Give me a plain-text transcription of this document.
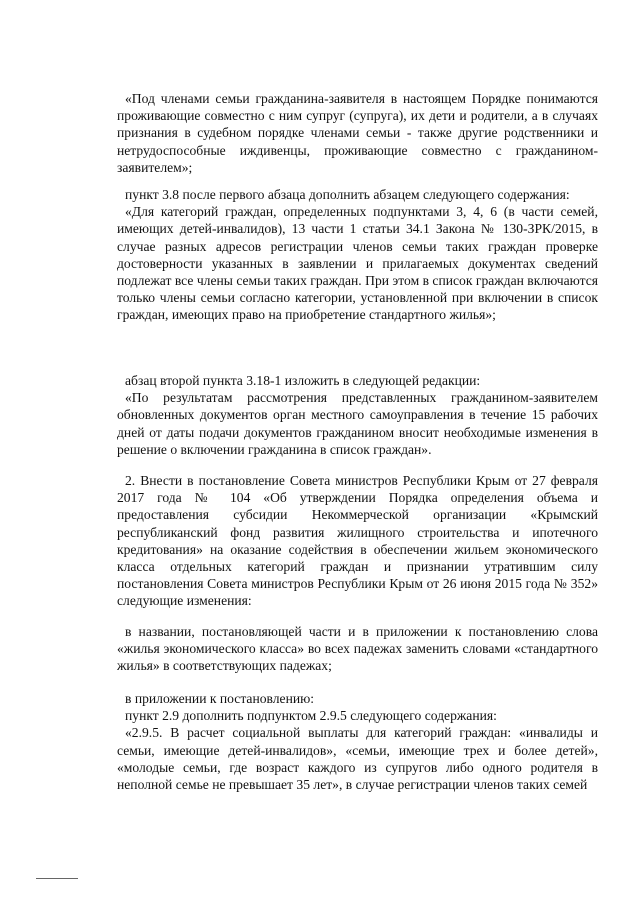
«Под членами семьи гражданина-заявителя в настоящем Порядке понимаются проживающие совместно с ним супруг (супруга), их дети и родители, а в случаях признания в судебном порядке членами семьи - также другие родственники и нетрудоспособные иждивенцы, проживающие совместно с гражданином-заявителем»;

пункт 3.8 после первого абзаца дополнить абзацем следующего содержания:

«Для категорий граждан, определенных подпунктами 3, 4, 6 (в части семей, имеющих детей-инвалидов), 13 части 1 статьи 34.1 Закона № 130-ЗРК/2015, в случае разных адресов регистрации членов семьи таких граждан проверке достоверности указанных в заявлении и прилагаемых документах сведений подлежат все члены семьи таких граждан. При этом в список граждан включаются только члены семьи согласно категории, установленной при включении в список граждан, имеющих право на приобретение стандартного жилья»;

абзац второй пункта 3.18-1 изложить в следующей редакции:

«По результатам рассмотрения представленных гражданином-заявителем обновленных документов орган местного самоуправления в течение 15 рабочих дней от даты подачи документов гражданином вносит необходимые изменения в решение о включении гражданина в список граждан».

2. Внести в постановление Совета министров Республики Крым от 27 февраля 2017 года № 104 «Об утверждении Порядка определения объема и предоставления субсидии Некоммерческой организации «Крымский республиканский фонд развития жилищного строительства и ипотечного кредитования» на оказание содействия в обеспечении жильем экономического класса отдельных категорий граждан и признании утратившим силу постановления Совета министров Республики Крым от 26 июня 2015 года № 352» следующие изменения:

в названии, постановляющей части и в приложении к постановлению слова «жилья экономического класса» во всех падежах заменить словами «стандартного жилья» в соответствующих падежах;

в приложении к постановлению:

пункт 2.9 дополнить подпунктом 2.9.5 следующего содержания:

«2.9.5. В расчет социальной выплаты для категорий граждан: «инвалиды и семьи, имеющие детей-инвалидов», «семьи, имеющие трех и более детей», «молодые семьи, где возраст каждого из супругов либо одного родителя в неполной семье не превышает 35 лет», в случае регистрации членов таких семей
